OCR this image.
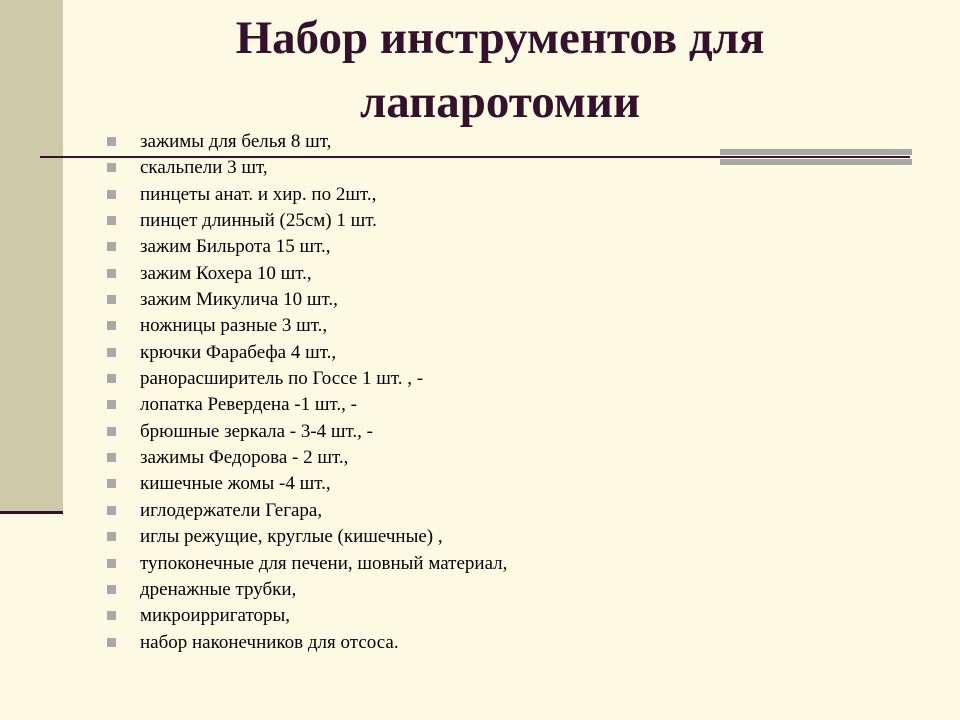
Набор инструментов для
лапаротомии
зажимы для белья 8 шт,
скальпели 3 шт,
пинцеты анат. и хир. по 2шт.,
пинцет длинный (25см) 1 шт.
зажим Бильрота 15 шт.,
зажим Кохера 10 шт.,
зажим Микулича 10 шт.,
ножницы разные 3 шт.,
крючки Фарабефа 4 шт.,
ранорасширитель по Госсе 1 шт. , -
лопатка Ревердена -1 шт., -
брюшные зеркала - 3-4 шт., -
зажимы Федорова - 2 шт.,
кишечные жомы -4 шт.,
иглодержатели Гегара,
иглы режущие, круглые (кишечные) ,
тупоконечные для печени, шовный материал,
дренажные трубки,
микроирригаторы,
набор наконечников для отсоса.
